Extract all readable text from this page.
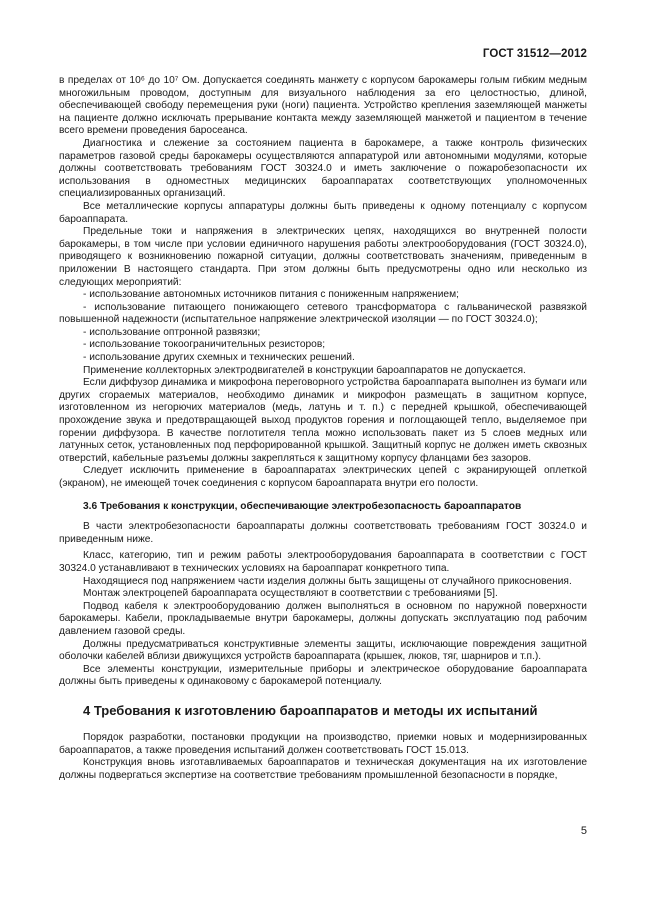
ГОСТ 31512—2012

в пределах от 10⁶ до 10⁷ Ом. Допускается соединять манжету с корпусом барокамеры голым гибким медным многожильным проводом, доступным для визуального наблюдения за его целостностью, длиной, обеспечивающей свободу перемещения руки (ноги) пациента. Устройство крепления заземляющей манжеты на пациенте должно исключать прерывание контакта между заземляющей манжетой и пациентом в течение всего времени проведения баросеанса.

Диагностика и слежение за состоянием пациента в барокамере, а также контроль физических параметров газовой среды барокамеры осуществляются аппаратурой или автономными модулями, которые должны соответствовать требованиям ГОСТ 30324.0 и иметь заключение о пожаробезопасности их использования в одноместных медицинских бароаппаратах соответствующих уполномоченных специализированных организаций.

Все металлические корпусы аппаратуры должны быть приведены к одному потенциалу с корпусом бароаппарата.

Предельные токи и напряжения в электрических цепях, находящихся во внутренней полости барокамеры, в том числе при условии единичного нарушения работы электрооборудования (ГОСТ 30324.0), приводящего к возникновению пожарной ситуации, должны соответствовать значениям, приведенным в приложении В настоящего стандарта. При этом должны быть предусмотрены одно или несколько из следующих мероприятий:

- использование автономных источников питания с пониженным напряжением;

- использование питающего понижающего сетевого трансформатора с гальванической развязкой повышенной надежности (испытательное напряжение электрической изоляции — по ГОСТ 30324.0);

- использование оптронной развязки;

- использование токоограничительных резисторов;

- использование других схемных и технических решений.

Применение коллекторных электродвигателей в конструкции бароаппаратов не допускается.

Если диффузор динамика и микрофона переговорного устройства бароаппарата выполнен из бумаги или других сгораемых материалов, необходимо динамик и микрофон размещать в защитном корпусе, изготовленном из негорючих материалов (медь, латунь и т. п.) с передней крышкой, обеспечивающей прохождение звука и предотвращающей выход продуктов горения и поглощающей тепло, выделяемое при горении диффузора. В качестве поглотителя тепла можно использовать пакет из 5 слоев медных или латунных сеток, установленных под перфорированной крышкой. Защитный корпус не должен иметь сквозных отверстий, кабельные разъемы должны закрепляться к защитному корпусу фланцами без зазоров.

Следует исключить применение в бароаппаратах электрических цепей с экранирующей оплеткой (экраном), не имеющей точек соединения с корпусом бароаппарата внутри его полости.

3.6 Требования к конструкции, обеспечивающие электробезопасность бароаппаратов

В части электробезопасности бароаппараты должны соответствовать требованиям ГОСТ 30324.0 и приведенным ниже.

Класс, категорию, тип и режим работы электрооборудования бароаппарата в соответствии с ГОСТ 30324.0 устанавливают в технических условиях на бароаппарат конкретного типа.

Находящиеся под напряжением части изделия должны быть защищены от случайного прикосновения.

Монтаж электроцепей бароаппарата осуществляют в соответствии с требованиями [5].

Подвод кабеля к электрооборудованию должен выполняться в основном по наружной поверхности барокамеры. Кабели, прокладываемые внутри барокамеры, должны допускать эксплуатацию под рабочим давлением газовой среды.

Должны предусматриваться конструктивные элементы защиты, исключающие повреждения защитной оболочки кабелей вблизи движущихся устройств бароаппарата (крышек, люков, тяг, шарниров и т.п.).

Все элементы конструкции, измерительные приборы и электрическое оборудование бароаппарата должны быть приведены к одинаковому с барокамерой потенциалу.

4 Требования к изготовлению бароаппаратов и методы их испытаний

Порядок разработки, постановки продукции на производство, приемки новых и модернизированных бароаппаратов, а также проведения испытаний должен соответствовать ГОСТ 15.013.

Конструкция вновь изготавливаемых бароаппаратов и техническая документация на их изготовление должны подвергаться экспертизе на соответствие требованиям промышленной безопасности в порядке,

5
